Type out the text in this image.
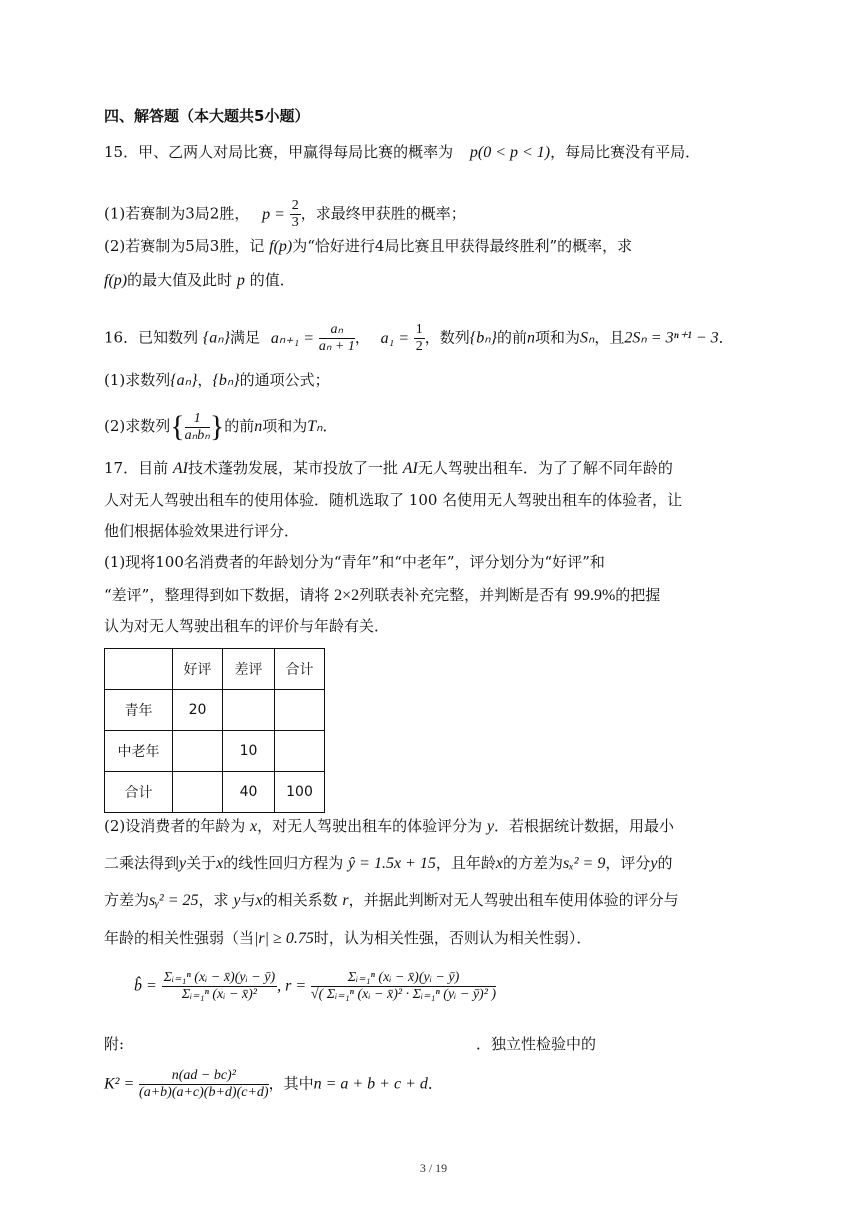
四、解答题（本大题共5小题）
15．甲、乙两人对局比赛，甲赢得每局比赛的概率为 p(0 < p < 1)，每局比赛没有平局．
(1)若赛制为3局2胜， $p = \frac{2}{3}$ ，求最终甲获胜的概率；
(2)若赛制为5局3胜，记 f(p)为“恰好进行4局比赛且甲获得最终胜利”的概率，求
f(p)的最大值及此时 p 的值．
16．已知数列 {aₙ}满足 $a_{n+1} = \frac{\text{aₙ}}{\text{aₙ + 1}}$ ， $a_1 = \frac{1}{2}$ ，数列{bₙ}的前n项和为Sₙ，且2Sₙ = 3ⁿ⁺¹ − 3．
(1)求数列{aₙ}，{bₙ}的通项公式；
(2)求数列{ $\frac{1}{\text{aₙbₙ}}$ }的前n项和为Tₙ．
17．目前 AI技术蓬勃发展，某市投放了一批 AI无人驾驶出租车．为了了解不同年龄的
人对无人驾驶出租车的使用体验．随机选取了 100 名使用无人驾驶出租车的体验者，让
他们根据体验效果进行评分．
(1)现将100名消费者的年龄划分为“青年”和“中老年”，评分划分为“好评”和
“差评”，整理得到如下数据，请将 2×2列联表补充完整，并判断是否有 99.9%的把握
认为对无人驾驶出租车的评价与年龄有关．
	好评	差评	合计
青年	20		
中老年		10	
合计		40	100
(2)设消费者的年龄为 x，对无人驾驶出租车的体验评分为 y．若根据统计数据，用最小
二乘法得到y关于x的线性回归方程为 ŷ = 1.5x + 15，且年龄x的方差为sₓ² = 9，评分y的
方差为sᵧ² = 25，求 y与x的相关系数 r，并据此判断对无人驾驶出租车使用体验的评分与
年龄的相关性强弱（当|r| ≥ 0.75时，认为相关性强，否则认为相关性弱）．
b̂ = $\frac{\text{Σᵢ₌₁ⁿ (xᵢ − x̄)(yᵢ − ȳ)}}{\text{Σᵢ₌₁ⁿ (xᵢ − x̄)²}}$ , $r = \frac{\text{Σᵢ₌₁ⁿ (xᵢ − x̄)(yᵢ − ȳ)}}{\text{√( Σᵢ₌₁ⁿ (xᵢ − x̄)² · Σᵢ₌₁ⁿ (yᵢ − ȳ)² )}}$
附:	．独立性检验中的
$K^2 = \frac{\text{n(ad − bc)²}}{(a+b)(a+c)(b+d)(c+d)}$ ，其中n = a + b + c + d．
3 / 19
